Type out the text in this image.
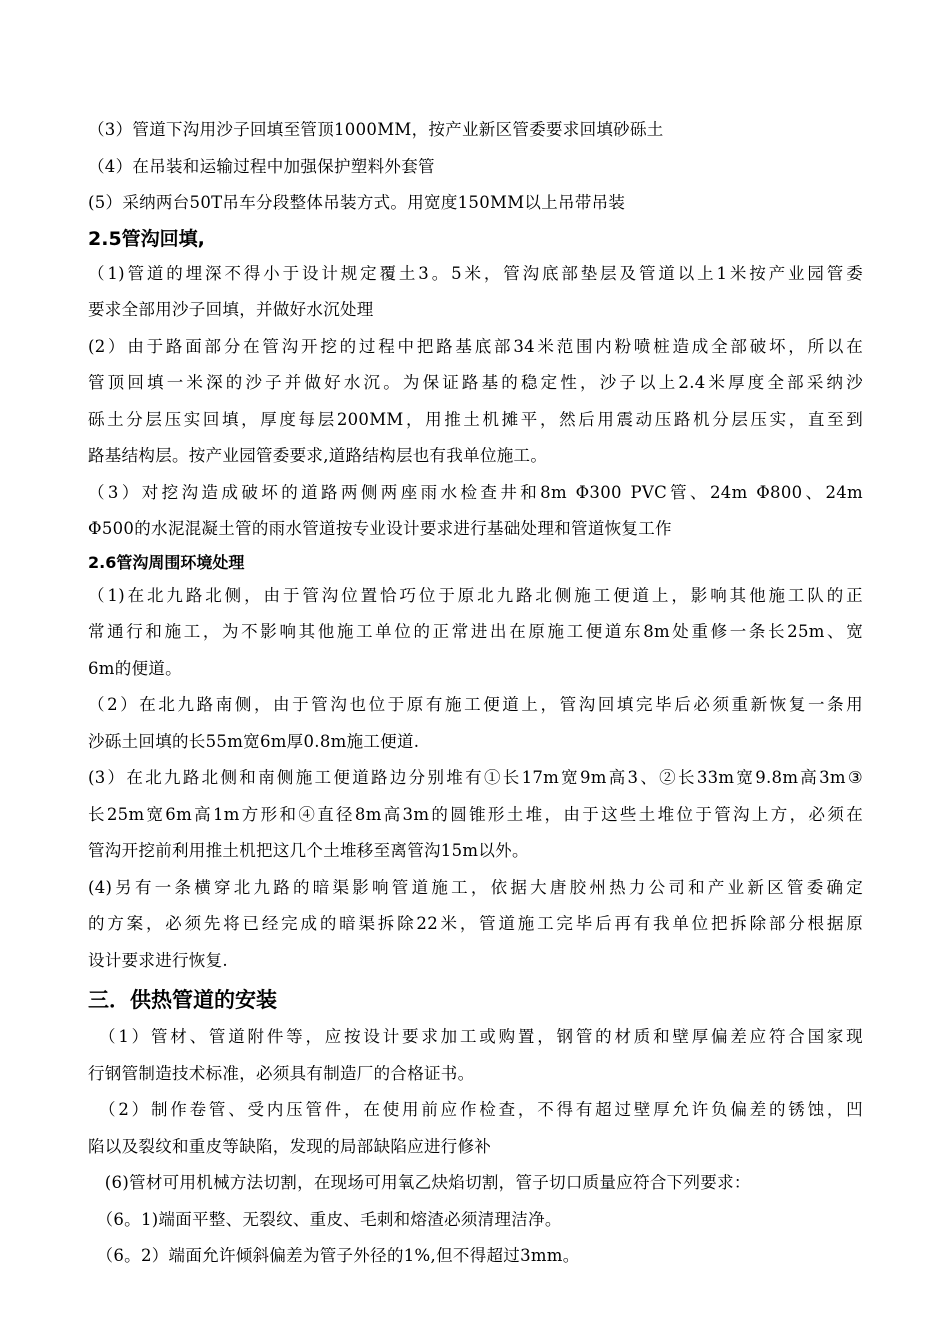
（3）管道下沟用沙子回填至管顶1000MM，按产业新区管委要求回填砂砾土
（4）在吊装和运输过程中加强保护塑料外套管
(5）采纳两台50T吊车分段整体吊装方式。用宽度150MM以上吊带吊装
2.5管沟回填,
（1)管道的埋深不得小于设计规定覆土3。5米，管沟底部垫层及管道以上1米按产业园管委
要求全部用沙子回填，并做好水沉处理
(2）由于路面部分在管沟开挖的过程中把路基底部34米范围内粉喷桩造成全部破坏，所以在
管顶回填一米深的沙子并做好水沉。为保证路基的稳定性，沙子以上2.4米厚度全部采纳沙
砾土分层压实回填，厚度每层200MM，用推土机摊平，然后用震动压路机分层压实，直至到
路基结构层。按产业园管委要求,道路结构层也有我单位施工。
（3）对挖沟造成破坏的道路两侧两座雨水检查井和8m Φ300 PVC管、24m Φ800、24m
Φ500的水泥混凝土管的雨水管道按专业设计要求进行基础处理和管道恢复工作
2.6管沟周围环境处理
（1)在北九路北侧，由于管沟位置恰巧位于原北九路北侧施工便道上，影响其他施工队的正
常通行和施工，为不影响其他施工单位的正常进出在原施工便道东8m处重修一条长25m、宽
6m的便道。
（2）在北九路南侧，由于管沟也位于原有施工便道上，管沟回填完毕后必须重新恢复一条用
沙砾土回填的长55m宽6m厚0.8m施工便道.
(3）在北九路北侧和南侧施工便道路边分别堆有①长17m宽9m高3、②长33m宽9.8m高3m③
长25m宽6m高1m方形和④直径8m高3m的圆锥形土堆，由于这些土堆位于管沟上方，必须在
管沟开挖前利用推土机把这几个土堆移至离管沟15m以外。
(4)另有一条横穿北九路的暗渠影响管道施工，依据大唐胶州热力公司和产业新区管委确定
的方案，必须先将已经完成的暗渠拆除22米，管道施工完毕后再有我单位把拆除部分根据原
设计要求进行恢复.
三．供热管道的安装
　（1）管材、管道附件等，应按设计要求加工或购置，钢管的材质和壁厚偏差应符合国家现
行钢管制造技术标准，必须具有制造厂的合格证书。
　（2）制作卷管、受内压管件，在使用前应作检查，不得有超过壁厚允许负偏差的锈蚀，凹
陷以及裂纹和重皮等缺陷，发现的局部缺陷应进行修补
　(6)管材可用机械方法切割，在现场可用氧乙炔焰切割，管子切口质量应符合下列要求：
　（6。1)端面平整、无裂纹、重皮、毛刺和熔渣必须清理洁净。
　（6。2）端面允许倾斜偏差为管子外径的1%,但不得超过3mm。
